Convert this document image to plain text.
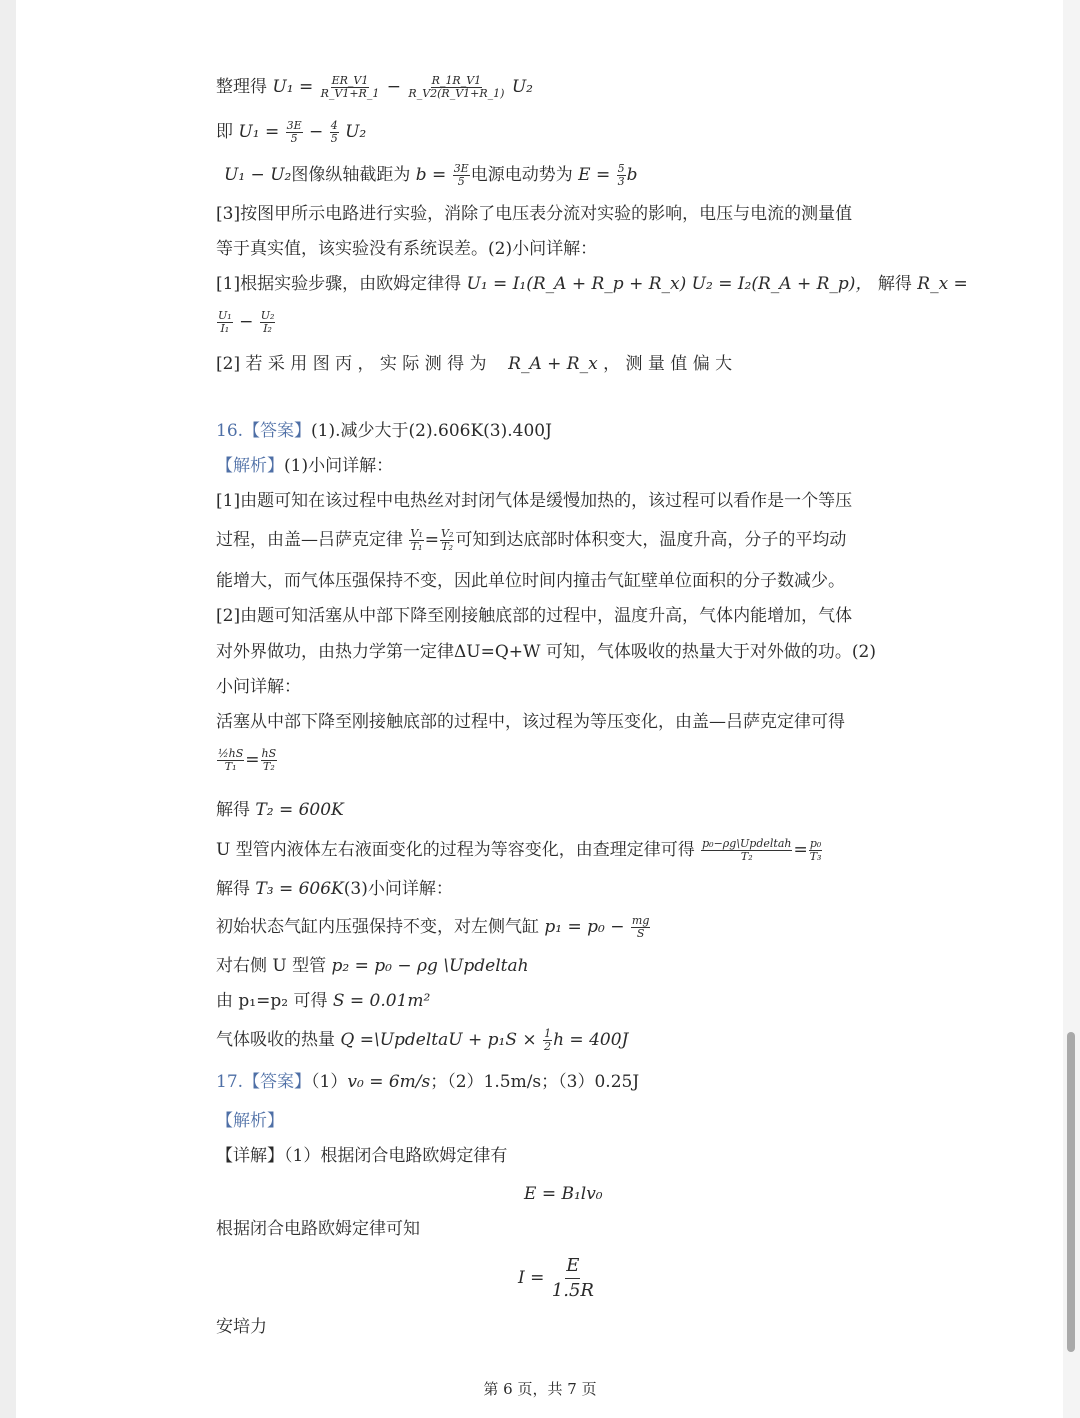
整理得 $U_1 = \frac{ER\_V1}{R\_V1+R\_1} - \frac{R\_1R\_V1}{R\_V2(R\_V1+R\_1)} U_2$
即 $U_1 = \frac{3E}{5} - \frac{4}{5} U_2$
U₁ − U₂图像纵轴截距为 $b = \frac{3E}{5}$ 电源电动势为 $E = \frac{5}{3}$ b
[3]按图甲所示电路进行实验，消除了电压表分流对实验的影响，电压与电流的测量值
等于真实值，该实验没有系统误差。(2)小问详解：
[1]根据实验步骤，由欧姆定律得 U₁ = I₁(R_A + R_p + R_x) U₂ = I₂(R_A + R_p)， 解得 R_x =
$\frac{\text{U₁}}{\text{I₁}} - \frac{\text{U₂}}{\text{I₂}}$
[2] 若 采 用 图 丙 ， 实 际 测 得 为 R_A + R_x ， 测 量 值 偏 大
16.【答案】(1).减少大于(2).606K(3).400J
【解析】(1)小问详解：
[1]由题可知在该过程中电热丝对封闭气体是缓慢加热的，该过程可以看作是一个等压
过程，由盖—吕萨克定律 $\frac{\text{V₁}}{\text{T₁}} = \frac{\text{V₂}}{\text{T₂}}$ 可知到达底部时体积变大，温度升高，分子的平均动
能增大，而气体压强保持不变，因此单位时间内撞击气缸壁单位面积的分子数减少。
[2]由题可知活塞从中部下降至刚接触底部的过程中，温度升高，气体内能增加，气体
对外界做功，由热力学第一定律ΔU=Q+W 可知，气体吸收的热量大于对外做的功。(2)
小问详解：
活塞从中部下降至刚接触底部的过程中，该过程为等压变化，由盖—吕萨克定律可得
$\frac{\text{½hS}}{\text{T₁}} = \frac{hS}{\text{T₂}}$
解得 T₂ = 600K
U 型管内液体左右液面变化的过程为等容变化，由查理定律可得 $\frac{\text{p₀−ρg\textbackslash{}Updeltah}}{\text{T₂}} = \frac{\text{p₀}}{\text{T₃}}$
解得 T₃ = 606K(3)小问详解：
初始状态气缸内压强保持不变，对左侧气缸 $p_1 = p_0 - \frac{mg}{S}$
对右侧 U 型管 p₂ = p₀ − ρg \Updeltah
由 p₁=p₂ 可得 S = 0.01m²
气体吸收的热量 Q =\UpdeltaU + $p_1S \times \frac{1}{2}$ h = 400J
17.【答案】（1）v₀ = 6m/s；（2）1.5m/s；（3）0.25J
【解析】
【详解】（1）根据闭合电路欧姆定律有
E = B₁lv₀
根据闭合电路欧姆定律可知
$I = \frac{E}{1.5R}$
安培力
第 6 页，共 7 页
